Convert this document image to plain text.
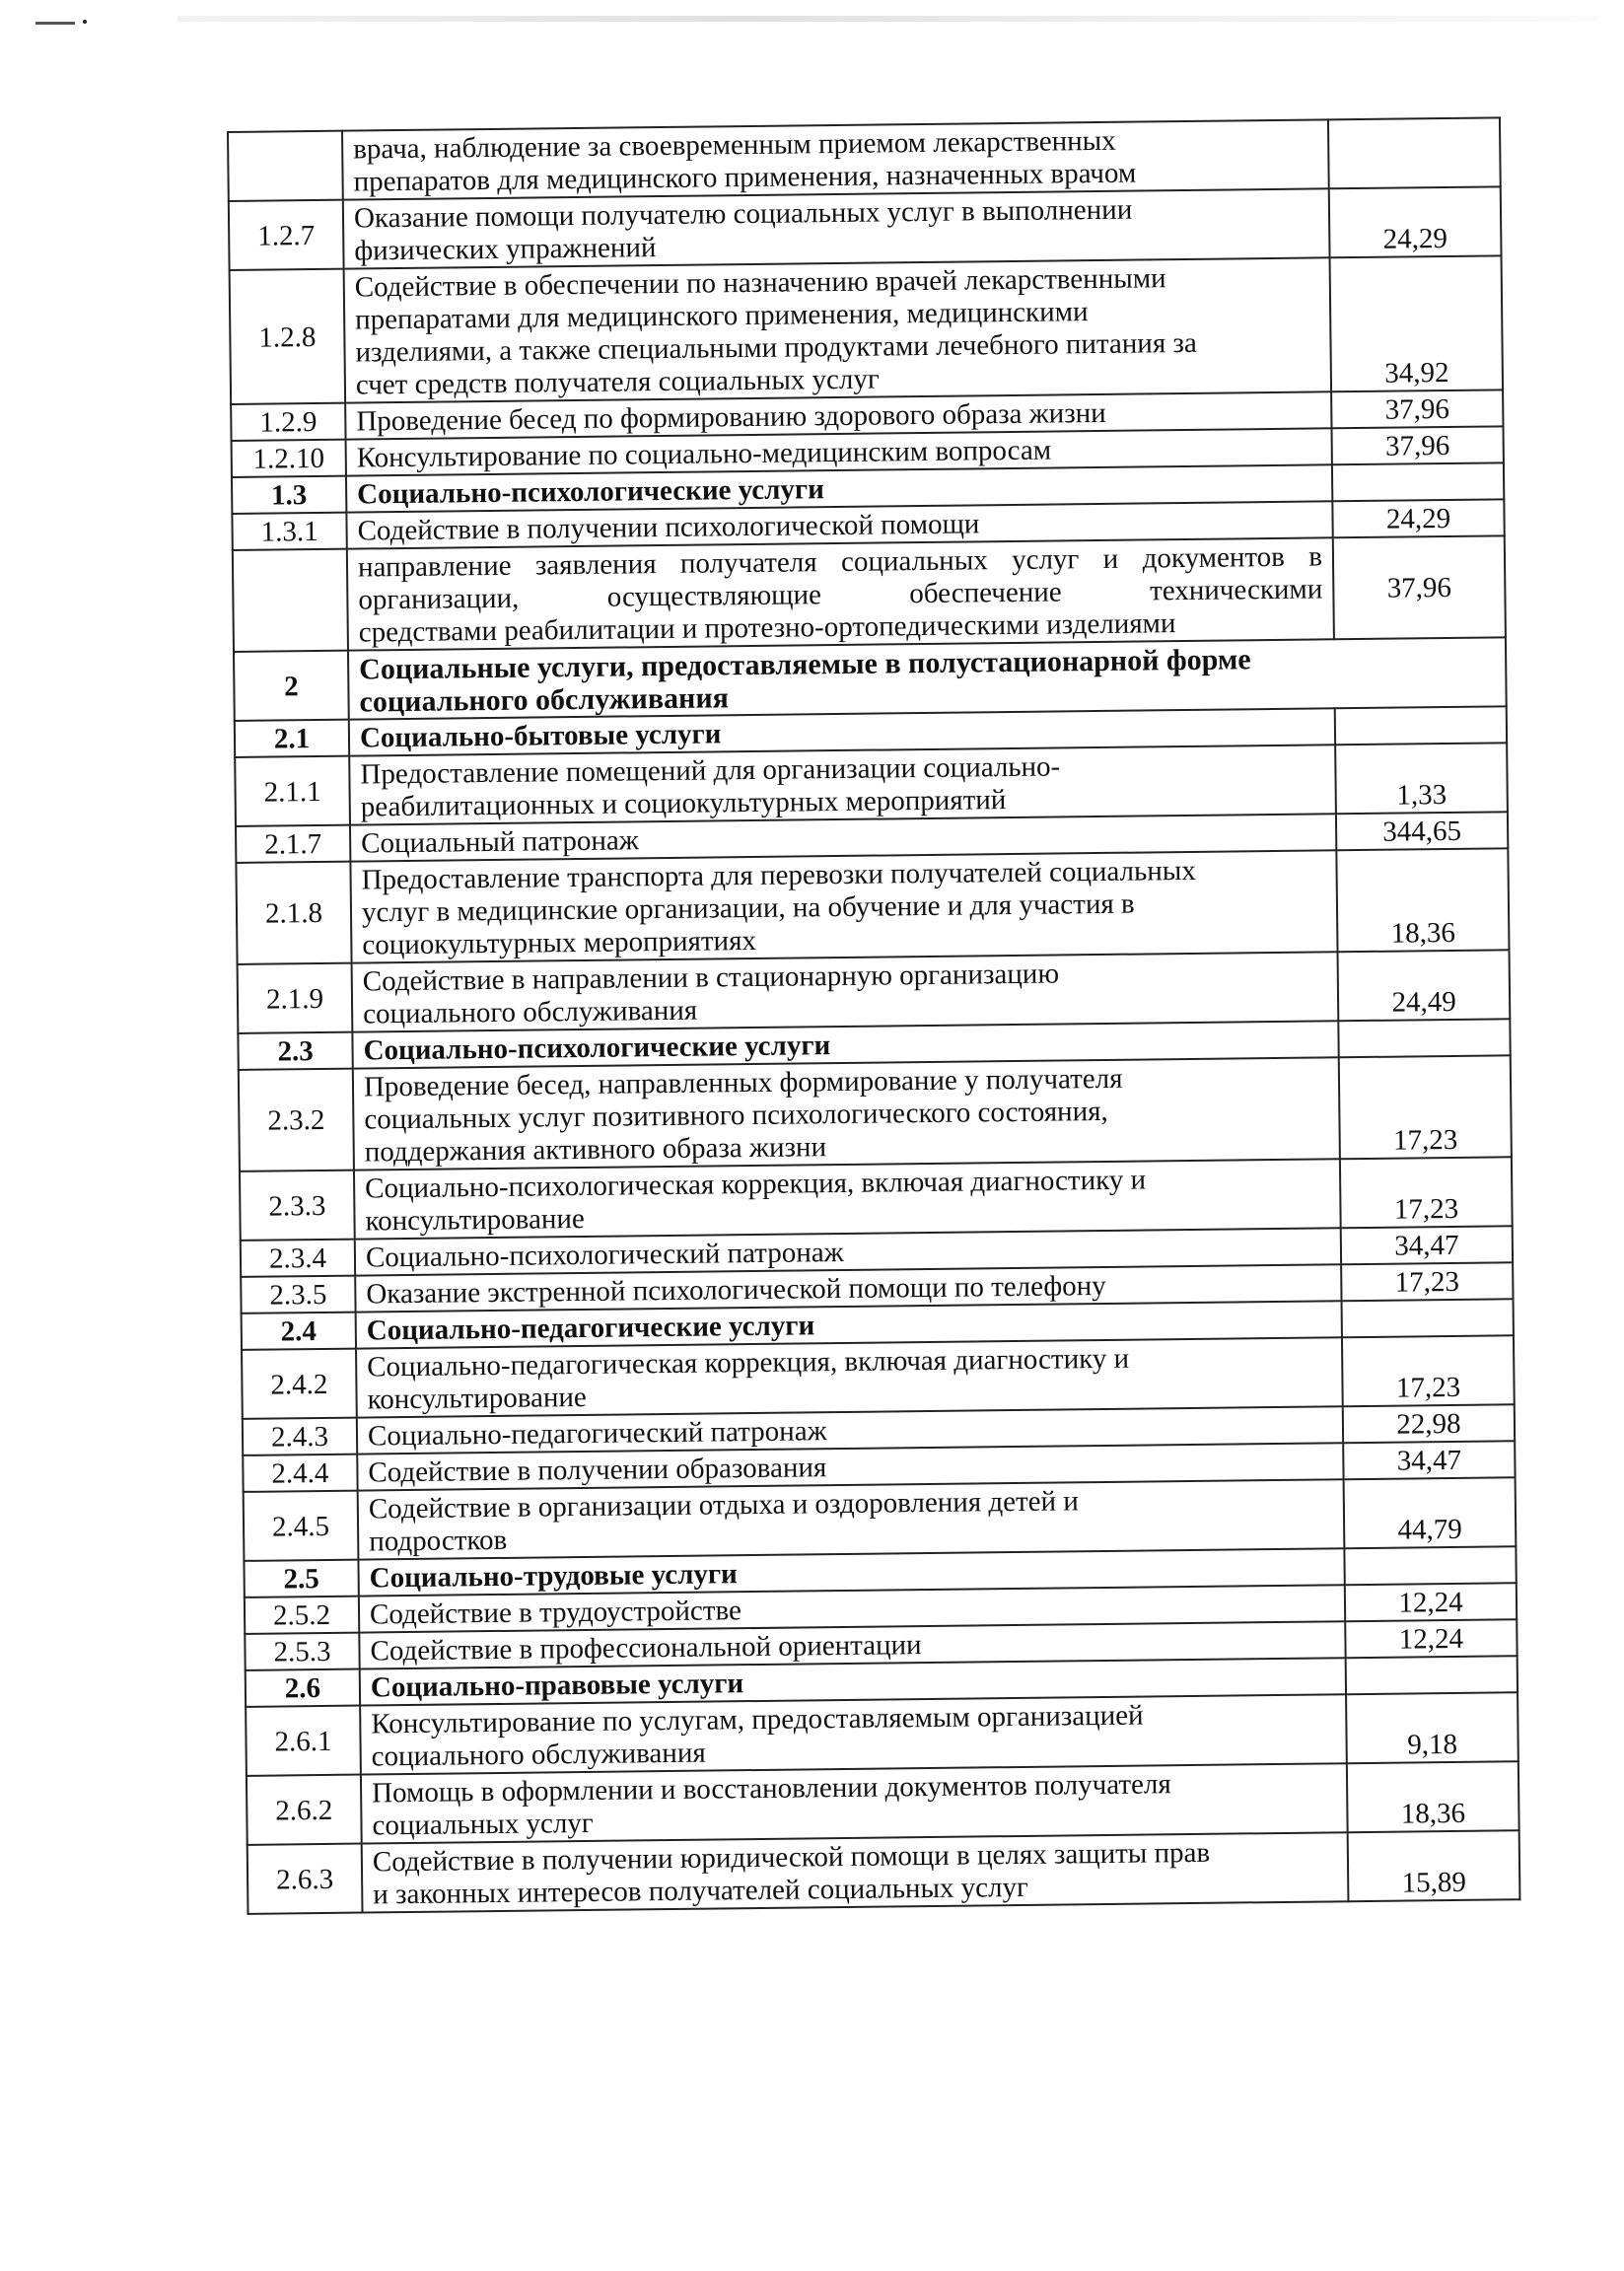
	врача, наблюдение за своевременным приемом лекарственных
препаратов для медицинского применения, назначенных врачом	

1.2.7	Оказание помощи получателю социальных услуг в выполнении
физических упражнений	24,29
1.2.8	Содействие в обеспечении по назначению врачей лекарственными
препаратами для медицинского применения, медицинскими
изделиями, а также специальными продуктами лечебного питания за
счет средств получателя социальных услуг	34,92
1.2.9	Проведение бесед по формированию здорового образа жизни	37,96
1.2.10	Консультирование по социально-медицинским вопросам	37,96
1.3	Социально-психологические услуги	

1.3.1	Содействие в получении психологической помощи	24,29

	направление заявления получателя социальных услуг и документов в
организации, осуществляющие обеспечение техническими
средствами реабилитации и протезно-ортопедическими изделиями	37,96
2	Социальные услуги, предоставляемые в полустационарной форме
социального обслуживания	

2.1	Социально-бытовые услуги	

2.1.1	Предоставление помещений для организации социально-
реабилитационных и социокультурных мероприятий	1,33
2.1.7	Социальный патронаж	344,65
2.1.8	Предоставление транспорта для перевозки получателей социальных
услуг в медицинские организации, на обучение и для участия в
социокультурных мероприятиях	18,36
2.1.9	Содействие в направлении в стационарную организацию
социального обслуживания	24,49
2.3	Социально-психологические услуги	

2.3.2	Проведение бесед, направленных формирование у получателя
социальных услуг позитивного психологического состояния,
поддержания активного образа жизни	17,23
2.3.3	Социально-психологическая коррекция, включая диагностику и
консультирование	17,23
2.3.4	Социально-психологический патронаж	34,47
2.3.5	Оказание экстренной психологической помощи по телефону	17,23
2.4	Социально-педагогические услуги	

2.4.2	Социально-педагогическая коррекция, включая диагностику и
консультирование	17,23
2.4.3	Социально-педагогический патронаж	22,98
2.4.4	Содействие в получении образования	34,47
2.4.5	Содействие в организации отдыха и оздоровления детей и
подростков	44,79
2.5	Социально-трудовые услуги	

2.5.2	Содействие в трудоустройстве	12,24
2.5.3	Содействие в профессиональной ориентации	12,24
2.6	Социально-правовые услуги	

2.6.1	Консультирование по услугам, предоставляемым организацией
социального обслуживания	9,18
2.6.2	Помощь в оформлении и восстановлении документов получателя
социальных услуг	18,36
2.6.3	Содействие в получении юридической помощи в целях защиты прав
и законных интересов получателей социальных услуг	15,89
